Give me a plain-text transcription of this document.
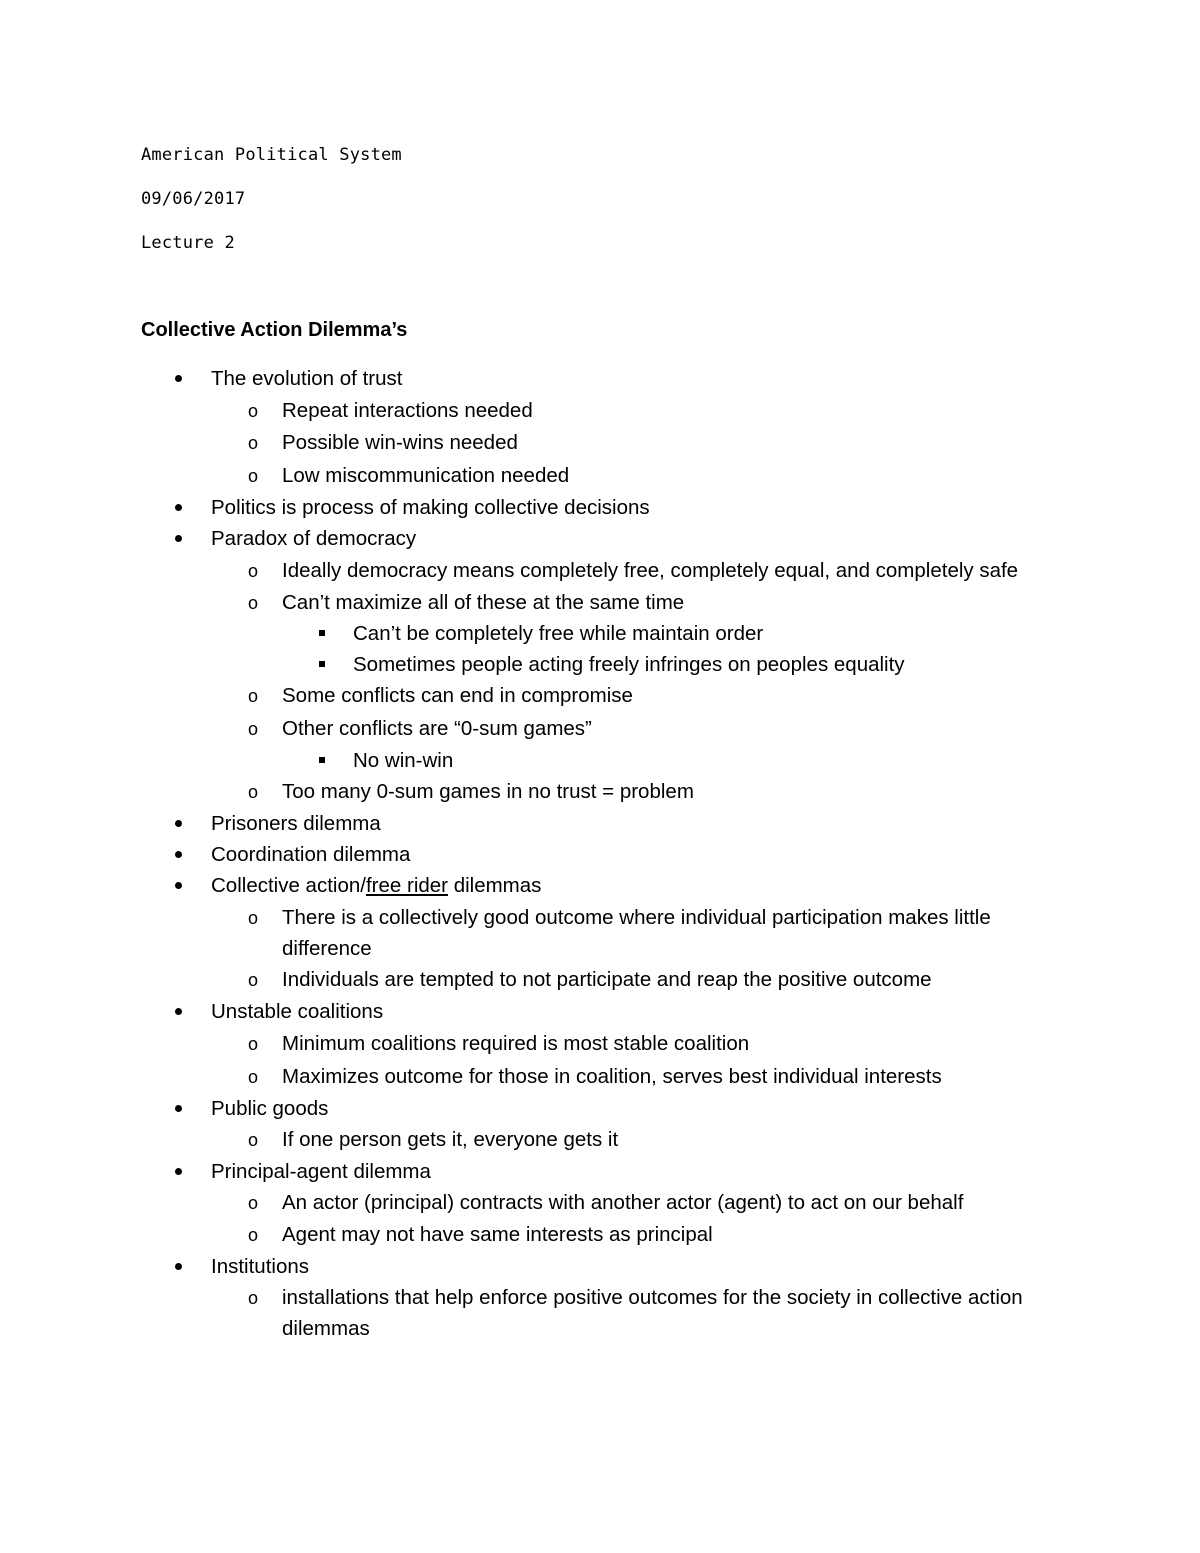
American Political System
09/06/2017
Lecture 2
Collective Action Dilemma’s
The evolution of trust
o Repeat interactions needed
o Possible win-wins needed
o Low miscommunication needed
Politics is process of making collective decisions
Paradox of democracy
o Ideally democracy means completely free, completely equal, and completely safe
o Can’t maximize all of these at the same time
Can’t be completely free while maintain order
Sometimes people acting freely infringes on peoples equality
o Some conflicts can end in compromise
o Other conflicts are “0-sum games”
No win-win
o Too many 0-sum games in no trust = problem
Prisoners dilemma
Coordination dilemma
Collective action/free rider dilemmas
o There is a collectively good outcome where individual participation makes little difference
o Individuals are tempted to not participate and reap the positive outcome
Unstable coalitions
o Minimum coalitions required is most stable coalition
o Maximizes outcome for those in coalition, serves best individual interests
Public goods
o If one person gets it, everyone gets it
Principal-agent dilemma
o An actor (principal) contracts with another actor (agent) to act on our behalf
o Agent may not have same interests as principal
Institutions
o installations that help enforce positive outcomes for the society in collective action dilemmas
